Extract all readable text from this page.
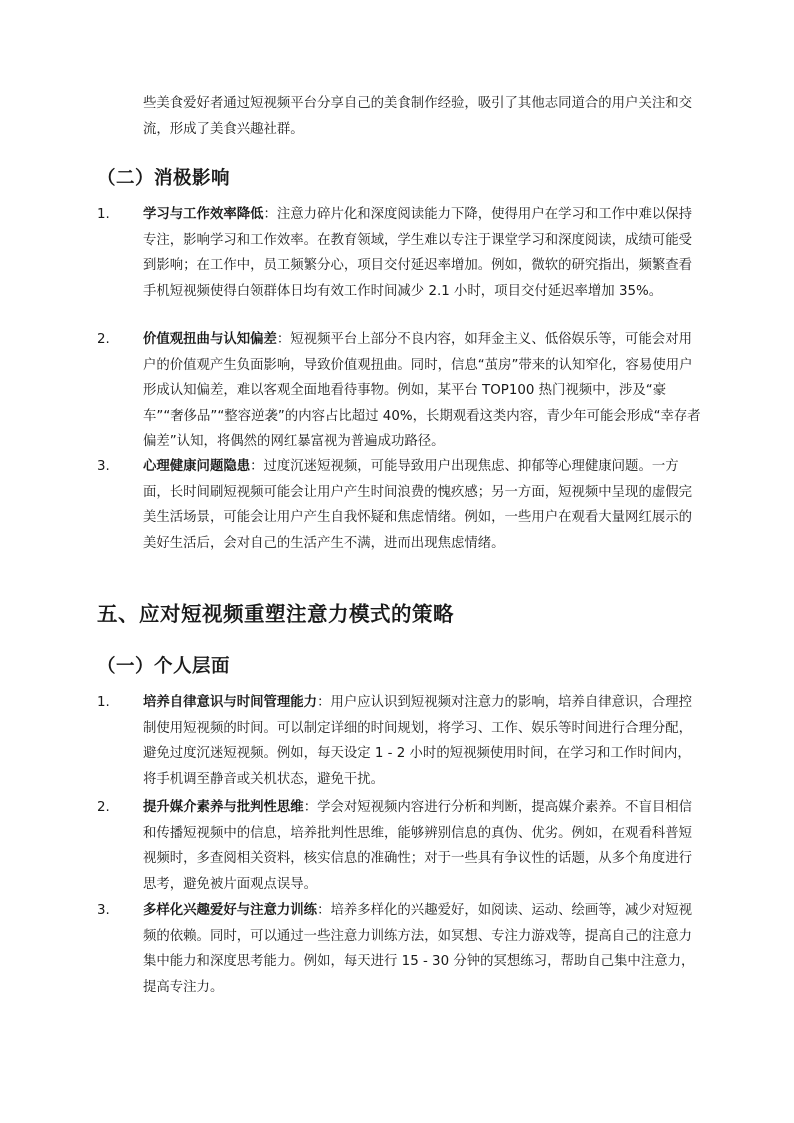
些美食爱好者通过短视频平台分享自己的美食制作经验，吸引了其他志同道合的用户关注和交流，形成了美食兴趣社群。

（二）消极影响
1.	学习与工作效率降低：注意力碎片化和深度阅读能力下降，使得用户在学习和工作中难以保持专注，影响学习和工作效率。在教育领域，学生难以专注于课堂学习和深度阅读，成绩可能受到影响；在工作中，员工频繁分心，项目交付延迟率增加。例如，微软的研究指出，频繁查看手机短视频使得白领群体日均有效工作时间减少 2.1 小时，项目交付延迟率增加 35%。

2.	价值观扭曲与认知偏差：短视频平台上部分不良内容，如拜金主义、低俗娱乐等，可能会对用户的价值观产生负面影响，导致价值观扭曲。同时，信息“茧房”带来的认知窄化，容易使用户形成认知偏差，难以客观全面地看待事物。例如，某平台 TOP100 热门视频中，涉及“豪车”“奢侈品”“整容逆袭”的内容占比超过 40%，长期观看这类内容，青少年可能会形成“幸存者偏差”认知，将偶然的网红暴富视为普遍成功路径。

3.	心理健康问题隐患：过度沉迷短视频，可能导致用户出现焦虑、抑郁等心理健康问题。一方面，长时间刷短视频可能会让用户产生时间浪费的愧疚感；另一方面，短视频中呈现的虚假完美生活场景，可能会让用户产生自我怀疑和焦虑情绪。例如，一些用户在观看大量网红展示的美好生活后，会对自己的生活产生不满，进而出现焦虑情绪。

五、应对短视频重塑注意力模式的策略
（一）个人层面
1.	培养自律意识与时间管理能力：用户应认识到短视频对注意力的影响，培养自律意识，合理控制使用短视频的时间。可以制定详细的时间规划，将学习、工作、娱乐等时间进行合理分配，避免过度沉迷短视频。例如，每天设定 1 - 2 小时的短视频使用时间，在学习和工作时间内，将手机调至静音或关机状态，避免干扰。

2.	提升媒介素养与批判性思维：学会对短视频内容进行分析和判断，提高媒介素养。不盲目相信和传播短视频中的信息，培养批判性思维，能够辨别信息的真伪、优劣。例如，在观看科普短视频时，多查阅相关资料，核实信息的准确性；对于一些具有争议性的话题，从多个角度进行思考，避免被片面观点误导。

3.	多样化兴趣爱好与注意力训练：培养多样化的兴趣爱好，如阅读、运动、绘画等，减少对短视频的依赖。同时，可以通过一些注意力训练方法，如冥想、专注力游戏等，提高自己的注意力集中能力和深度思考能力。例如，每天进行 15 - 30 分钟的冥想练习，帮助自己集中注意力，提高专注力。
